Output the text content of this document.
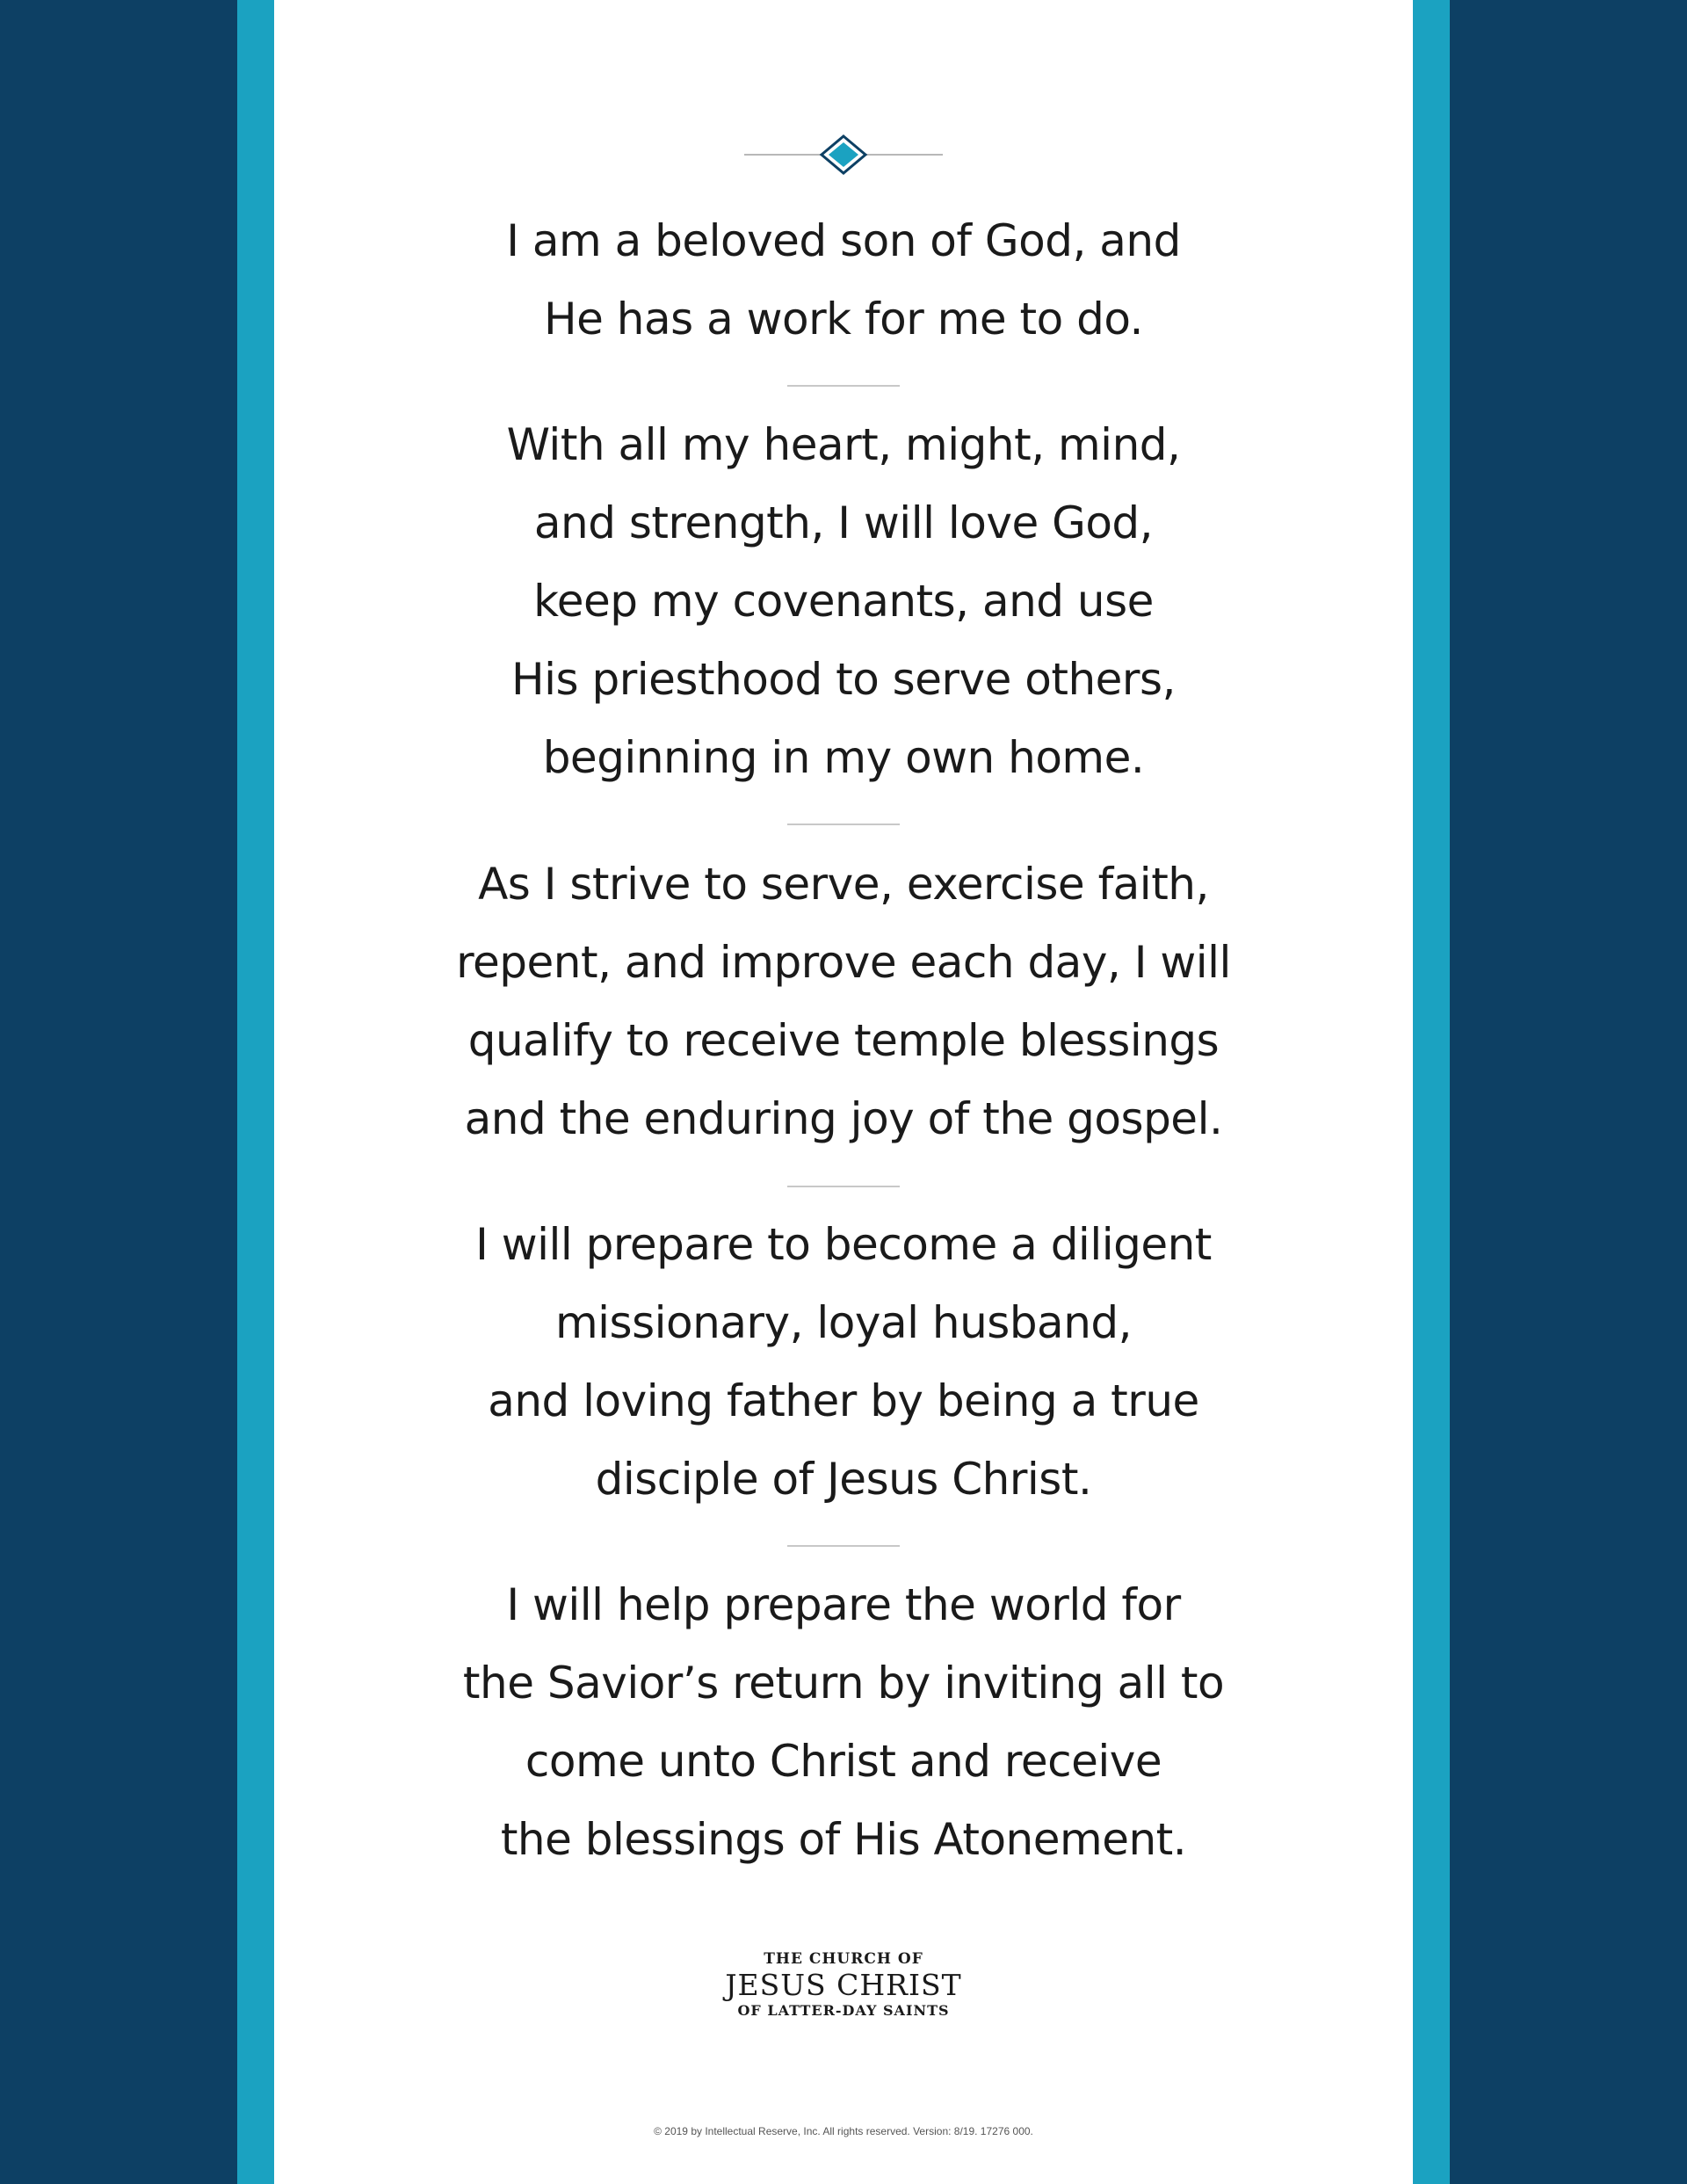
I am a beloved son of God, and
He has a work for me to do.
With all my heart, might, mind,
and strength, I will love God,
keep my covenants, and use
His priesthood to serve others,
beginning in my own home.
As I strive to serve, exercise faith,
repent, and improve each day, I will
qualify to receive temple blessings
and the enduring joy of the gospel.
I will prepare to become a diligent
missionary, loyal husband,
and loving father by being a true
disciple of Jesus Christ.
I will help prepare the world for
the Savior’s return by inviting all to
come unto Christ and receive
the blessings of His Atonement.
THE CHURCH OF
JESUS CHRIST
OF LATTER-DAY SAINTS
© 2019 by Intellectual Reserve, Inc. All rights reserved. Version: 8/19. 17276 000.
